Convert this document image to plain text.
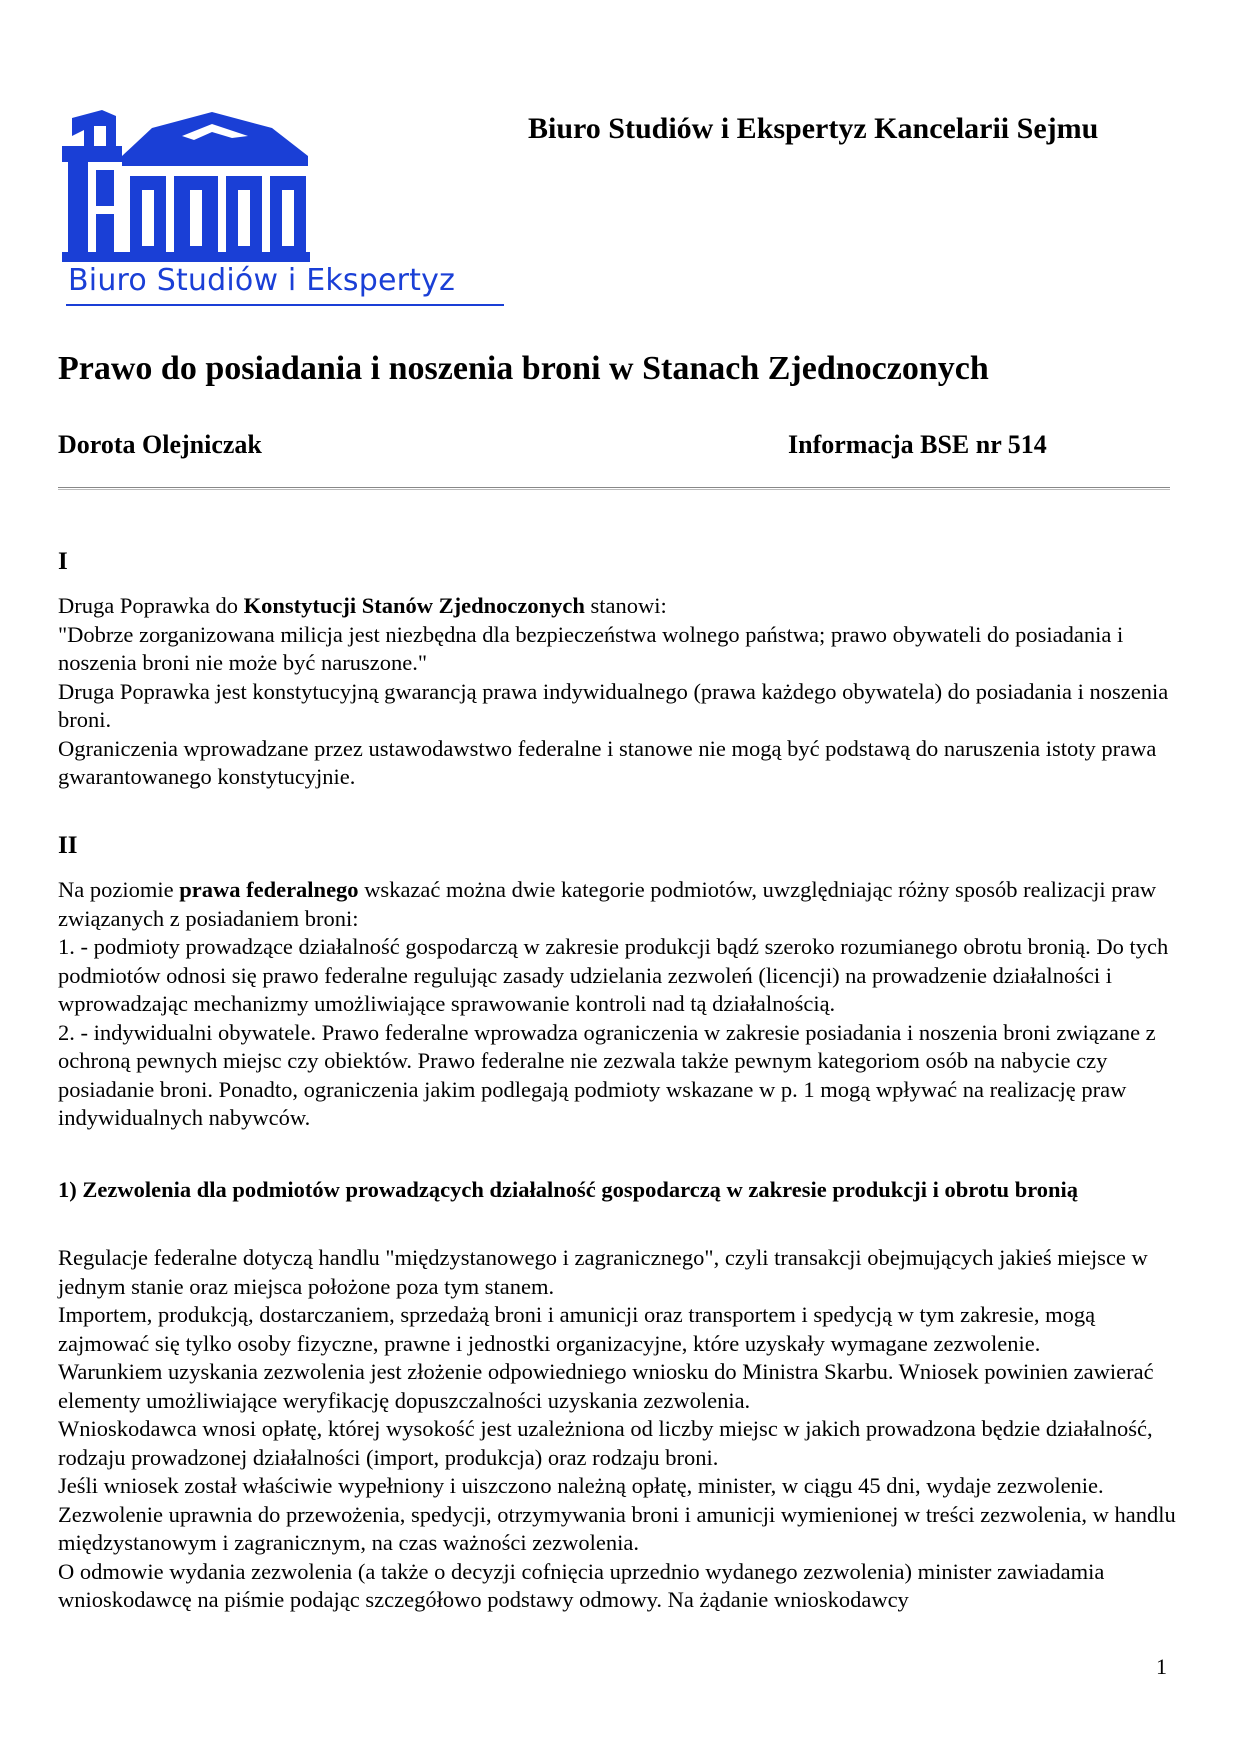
Biuro Studiów i Ekspertyz
Biuro Studiów i Ekspertyz Kancelarii Sejmu
Prawo do posiadania i noszenia broni w Stanach Zjednoczonych
Dorota Olejniczak	Informacja BSE nr 514
I

Druga Poprawka do Konstytucji Stanów Zjednoczonych stanowi:

"Dobrze zorganizowana milicja jest niezbędna dla bezpieczeństwa wolnego państwa; prawo obywateli do posiadania i noszenia broni nie może być naruszone."

Druga Poprawka jest konstytucyjną gwarancją prawa indywidualnego (prawa każdego obywatela) do posiadania i noszenia broni.

Ograniczenia wprowadzane przez ustawodawstwo federalne i stanowe nie mogą być podstawą do naruszenia istoty prawa gwarantowanego konstytucyjnie.

II

Na poziomie prawa federalnego wskazać można dwie kategorie podmiotów, uwzględniając różny sposób realizacji praw związanych z posiadaniem broni:

1. - podmioty prowadzące działalność gospodarczą w zakresie produkcji bądź szeroko rozumianego obrotu bronią. Do tych podmiotów odnosi się prawo federalne regulując zasady udzielania zezwoleń (licencji) na prowadzenie działalności i wprowadzając mechanizmy umożliwiające sprawowanie kontroli nad tą działalnością.

2. - indywidualni obywatele. Prawo federalne wprowadza ograniczenia w zakresie posiadania i noszenia broni związane z ochroną pewnych miejsc czy obiektów. Prawo federalne nie zezwala także pewnym kategoriom osób na nabycie czy posiadanie broni. Ponadto, ograniczenia jakim podlegają podmioty wskazane w p. 1 mogą wpływać na realizację praw indywidualnych nabywców.

1) Zezwolenia dla podmiotów prowadzących działalność gospodarczą w zakresie produkcji i obrotu bronią

Regulacje federalne dotyczą handlu "międzystanowego i zagranicznego", czyli transakcji obejmujących jakieś miejsce w jednym stanie oraz miejsca położone poza tym stanem.

Importem, produkcją, dostarczaniem, sprzedażą broni i amunicji oraz transportem i spedycją w tym zakresie, mogą zajmować się tylko osoby fizyczne, prawne i jednostki organizacyjne, które uzyskały wymagane zezwolenie.

Warunkiem uzyskania zezwolenia jest złożenie odpowiedniego wniosku do Ministra Skarbu. Wniosek powinien zawierać elementy umożliwiające weryfikację dopuszczalności uzyskania zezwolenia.

Wnioskodawca wnosi opłatę, której wysokość jest uzależniona od liczby miejsc w jakich prowadzona będzie działalność, rodzaju prowadzonej działalności (import, produkcja) oraz rodzaju broni.

Jeśli wniosek został właściwie wypełniony i uiszczono należną opłatę, minister, w ciągu 45 dni, wydaje zezwolenie. Zezwolenie uprawnia do przewożenia, spedycji, otrzymywania broni i amunicji wymienionej w treści zezwolenia, w handlu międzystanowym i zagranicznym, na czas ważności zezwolenia.

O odmowie wydania zezwolenia (a także o decyzji cofnięcia uprzednio wydanego zezwolenia) minister zawiadamia wnioskodawcę na piśmie podając szczegółowo podstawy odmowy. Na żądanie wnioskodawcy

1
